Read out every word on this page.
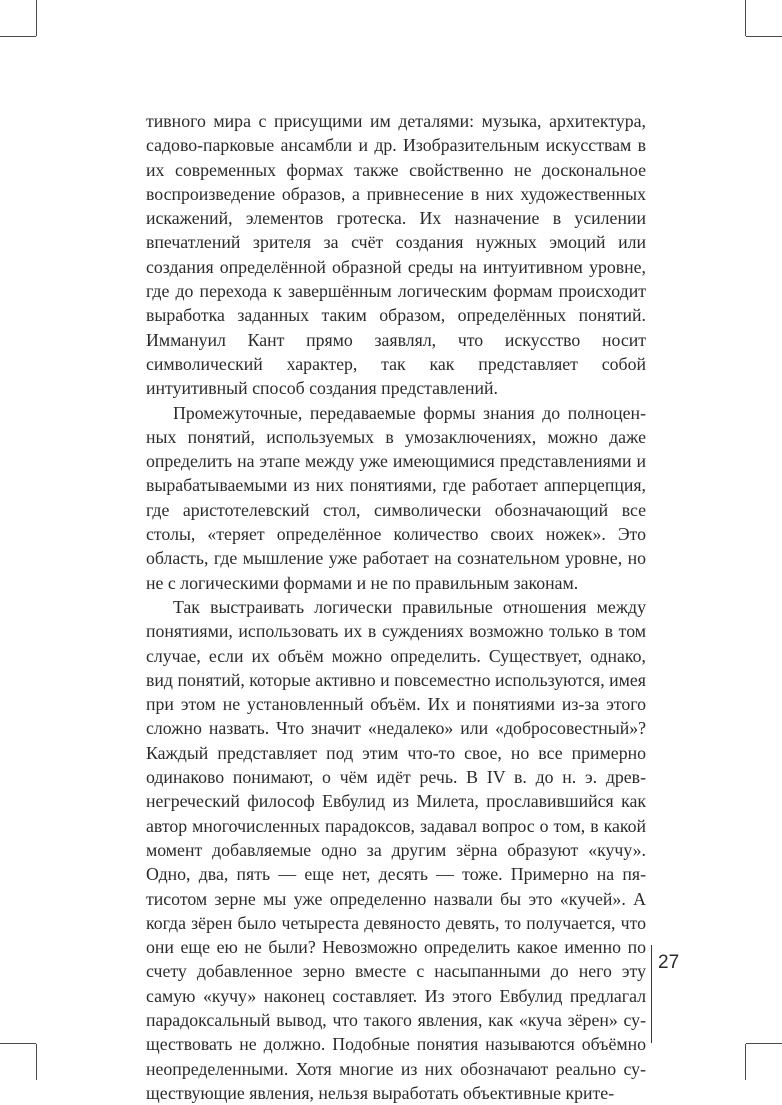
тивного мира с присущими им деталями: музыка, архитектура, садово-парковые ансамбли и др. Изобразительным искусствам в их современных формах также свойственно не доскональное воспроизведение образов, а привнесение в них художественных искажений, элементов гротеска. Их назначение в усилении впечатлений зрителя за счёт создания нужных эмоций или создания определённой образной среды на интуитивном уровне, где до перехода к завершённым логическим формам происходит выработка заданных таким образом, определённых понятий. Иммануил Кант прямо заявлял, что искусство носит символический характер, так как представляет собой интуитивный способ создания представлений.

Промежуточные, передаваемые формы знания до полноценных понятий, используемых в умозаключениях, можно даже определить на этапе между уже имеющимися представлениями и вырабатываемыми из них понятиями, где работает апперцепция, где аристотелевский стол, символически обозначающий все столы, «теряет определённое количество своих ножек». Это область, где мышление уже работает на сознательном уровне, но не с логическими формами и не по правильным законам.

Так выстраивать логически правильные отношения между понятиями, использовать их в суждениях возможно только в том случае, если их объём можно определить. Существует, однако, вид понятий, которые активно и повсеместно используются, имея при этом не установленный объём. Их и понятиями из-за этого сложно назвать. Что значит «недалеко» или «добросовестный»? Каждый представляет под этим что-то свое, но все примерно одинаково понимают, о чём идёт речь. В IV в. до н. э. древнегреческий философ Евбулид из Милета, прославившийся как автор многочисленных парадоксов, задавал вопрос о том, в какой момент добавляемые одно за другим зёрна образуют «кучу». Одно, два, пять — еще нет, десять — тоже. Примерно на пятисотом зерне мы уже определенно назвали бы это «кучей». А когда зёрен было четыреста девяносто девять, то получается, что они еще ею не были? Невозможно определить какое именно по счету добавленное зерно вместе с насыпанными до него эту самую «кучу» наконец составляет. Из этого Евбулид предлагал парадоксальный вывод, что такого явления, как «куча зёрен» существовать не должно. Подобные понятия называются объёмно неопределенными. Хотя многие из них обозначают реально существующие явления, нельзя выработать объективные крите-

27
